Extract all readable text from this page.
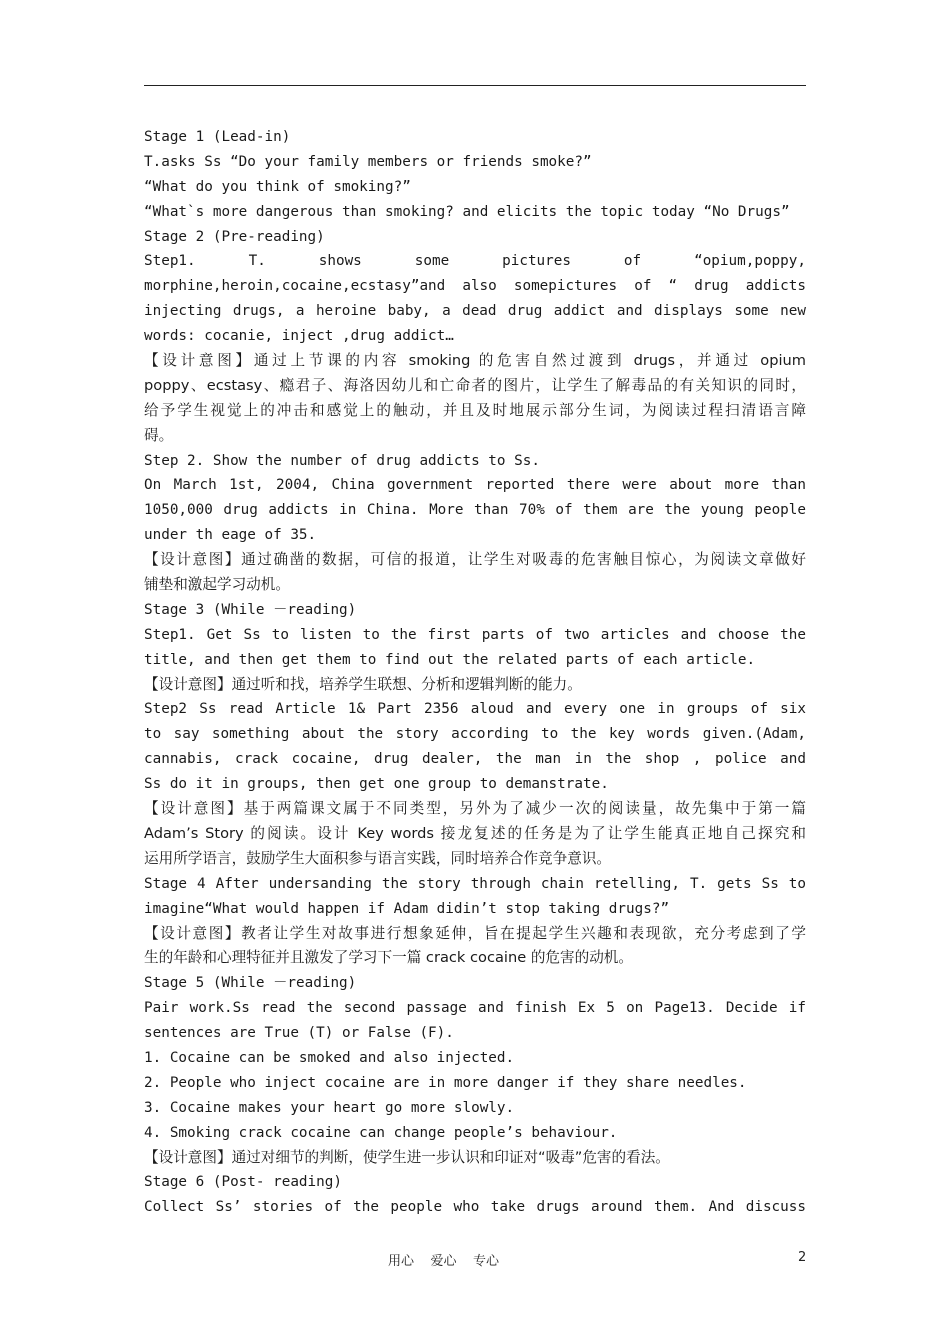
Stage 1 (Lead-in)
T.asks Ss “Do your family members or friends smoke?”
“What do you think of smoking?”
“What`s more dangerous than smoking? and elicits the topic today “No Drugs”
Stage 2 (Pre-reading)
Step1. T. shows some pictures of “opium,poppy,
morphine,heroin,cocaine,ecstasy”and also somepictures of “ drug addicts
injecting drugs, a heroine baby, a dead drug addict and displays some new
words: cocanie, inject ,drug addict…
【设计意图】通过上节课的内容 smoking 的危害自然过渡到 drugs，并通过 opium
poppy、ecstasy、瘾君子、海洛因幼儿和亡命者的图片，让学生了解毒品的有关知识的同时，
给予学生视觉上的冲击和感觉上的触动，并且及时地展示部分生词，为阅读过程扫清语言障
碍。
Step 2. Show the number of drug addicts to Ss.
On March 1st, 2004, China government reported there were about more than
1050,000 drug addicts in China. More than 70% of them are the young people
under th eage of 35.
【设计意图】通过确凿的数据，可信的报道，让学生对吸毒的危害触目惊心，为阅读文章做好
铺垫和激起学习动机。
Stage 3 (While －reading)
Step1. Get Ss to listen to the first parts of two articles and choose the
title, and then get them to find out the related parts of each article.
【设计意图】通过听和找，培养学生联想、分析和逻辑判断的能力。
Step2 Ss read Article 1& Part 2356 aloud and every one in groups of six
to say something about the story according to the key words given.(Adam,
cannabis, crack cocaine, drug dealer, the man in the shop , police and
Ss do it in groups, then get one group to demanstrate.
【设计意图】基于两篇课文属于不同类型，另外为了减少一次的阅读量，故先集中于第一篇
Adam’s Story 的阅读。设计 Key words 接龙复述的任务是为了让学生能真正地自己探究和
运用所学语言，鼓励学生大面积参与语言实践，同时培养合作竞争意识。
Stage 4 After undersanding the story through chain retelling, T. gets Ss to
imagine“What would happen if Adam didin’t stop taking drugs?”
【设计意图】教者让学生对故事进行想象延伸，旨在提起学生兴趣和表现欲，充分考虑到了学
生的年龄和心理特征并且激发了学习下一篇 crack cocaine 的危害的动机。
Stage 5 (While －reading)
Pair work.Ss read the second passage and finish Ex 5 on Page13. Decide if
sentences are True (T) or False (F).
1. Cocaine can be smoked and also injected.
2. People who inject cocaine are in more danger if they share needles.
3. Cocaine makes your heart go more slowly.
4. Smoking crack cocaine can change people’s behaviour.
【设计意图】通过对细节的判断，使学生进一步认识和印证对“吸毒”危害的看法。
Stage 6 (Post- reading)
Collect Ss’ stories of the people who take drugs around them. And discuss
用心    爱心    专心	2
